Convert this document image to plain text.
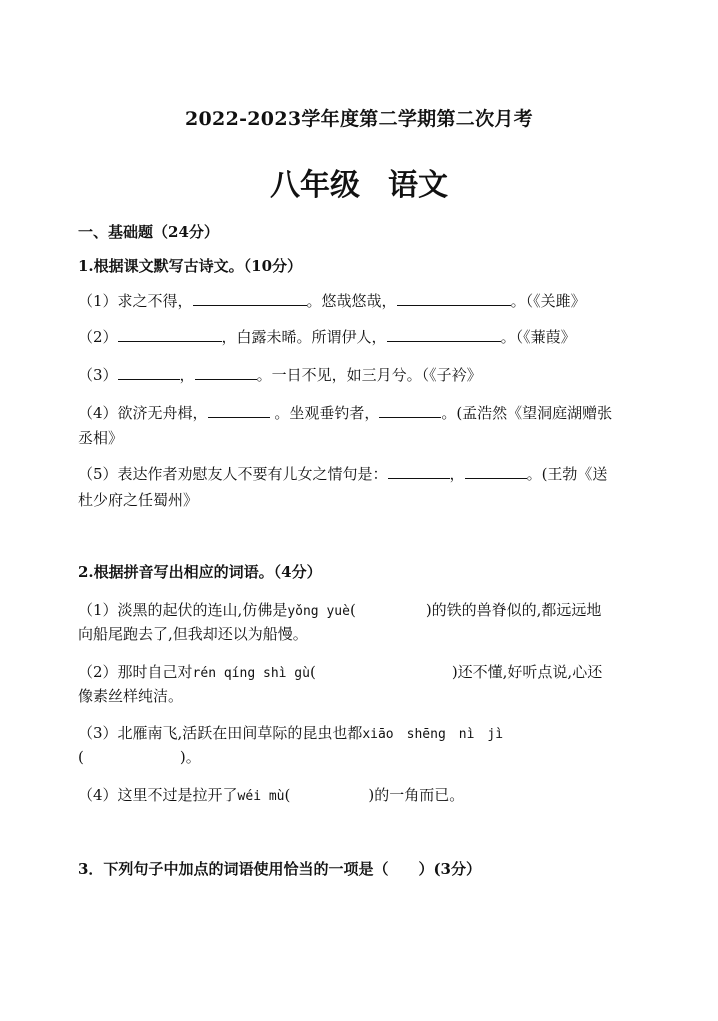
2022-2023学年度第二学期第二次月考
八年级 语文
一、基础题（24分）
1.根据课文默写古诗文。（10分）
（1）求之不得，	。悠哉悠哉，	。（《关雎》
（2）	，白露未晞。所谓伊人，	。（《蒹葭》
（3）	，	。一日不见，如三月兮。（《子衿》
（4）欲济无舟楫，	。坐观垂钓者，	。(孟浩然《望洞庭湖赠张
丞相》
（5）表达作者劝慰友人不要有儿女之情句是：	，	。(王勃《送
杜少府之任蜀州》
2.根据拼音写出相应的词语。（4分）
（1）淡黑的起伏的连山,仿佛是yǒng yuè(	)的铁的兽脊似的,都远远地
向船尾跑去了,但我却还以为船慢。
（2）那时自己对rén qíng shì gù(	)还不懂,好听点说,心还
像素丝样纯洁。
（3）北雁南飞,活跃在田间草际的昆虫也都xiāo　shēng　nì　jì
(	)。
（4）这里不过是拉开了wéi mù(	)的一角而已。
3．下列句子中加点的词语使用恰当的一项是（　　）(3分）
